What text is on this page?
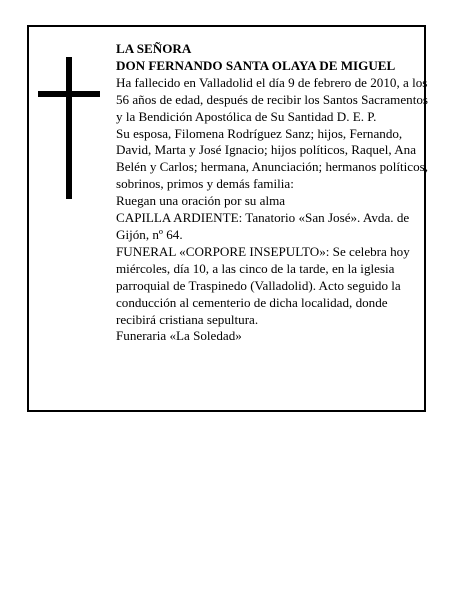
LA SEÑORA

DON FERNANDO SANTA OLAYA DE MIGUEL

Ha fallecido en Valladolid el día 9 de febrero de 2010, a los 56 años de edad, después de recibir los Santos Sacramentos y la Bendición Apostólica de Su Santidad D. E. P.

Su esposa, Filomena Rodríguez Sanz; hijos, Fernando, David, Marta y José Ignacio; hijos políticos, Raquel, Ana Belén y Carlos; hermana, Anunciación; hermanos políticos, sobrinos, primos y demás familia:

Ruegan una oración por su alma

CAPILLA ARDIENTE: Tanatorio «San José». Avda. de Gijón, nº 64.

FUNERAL «CORPORE INSEPULTO»: Se celebra hoy miércoles, día 10, a las cinco de la tarde, en la iglesia parroquial de Traspinedo (Valladolid). Acto seguido la conducción al cementerio de dicha localidad, donde recibirá cristiana sepultura.

Funeraria «La Soledad»
